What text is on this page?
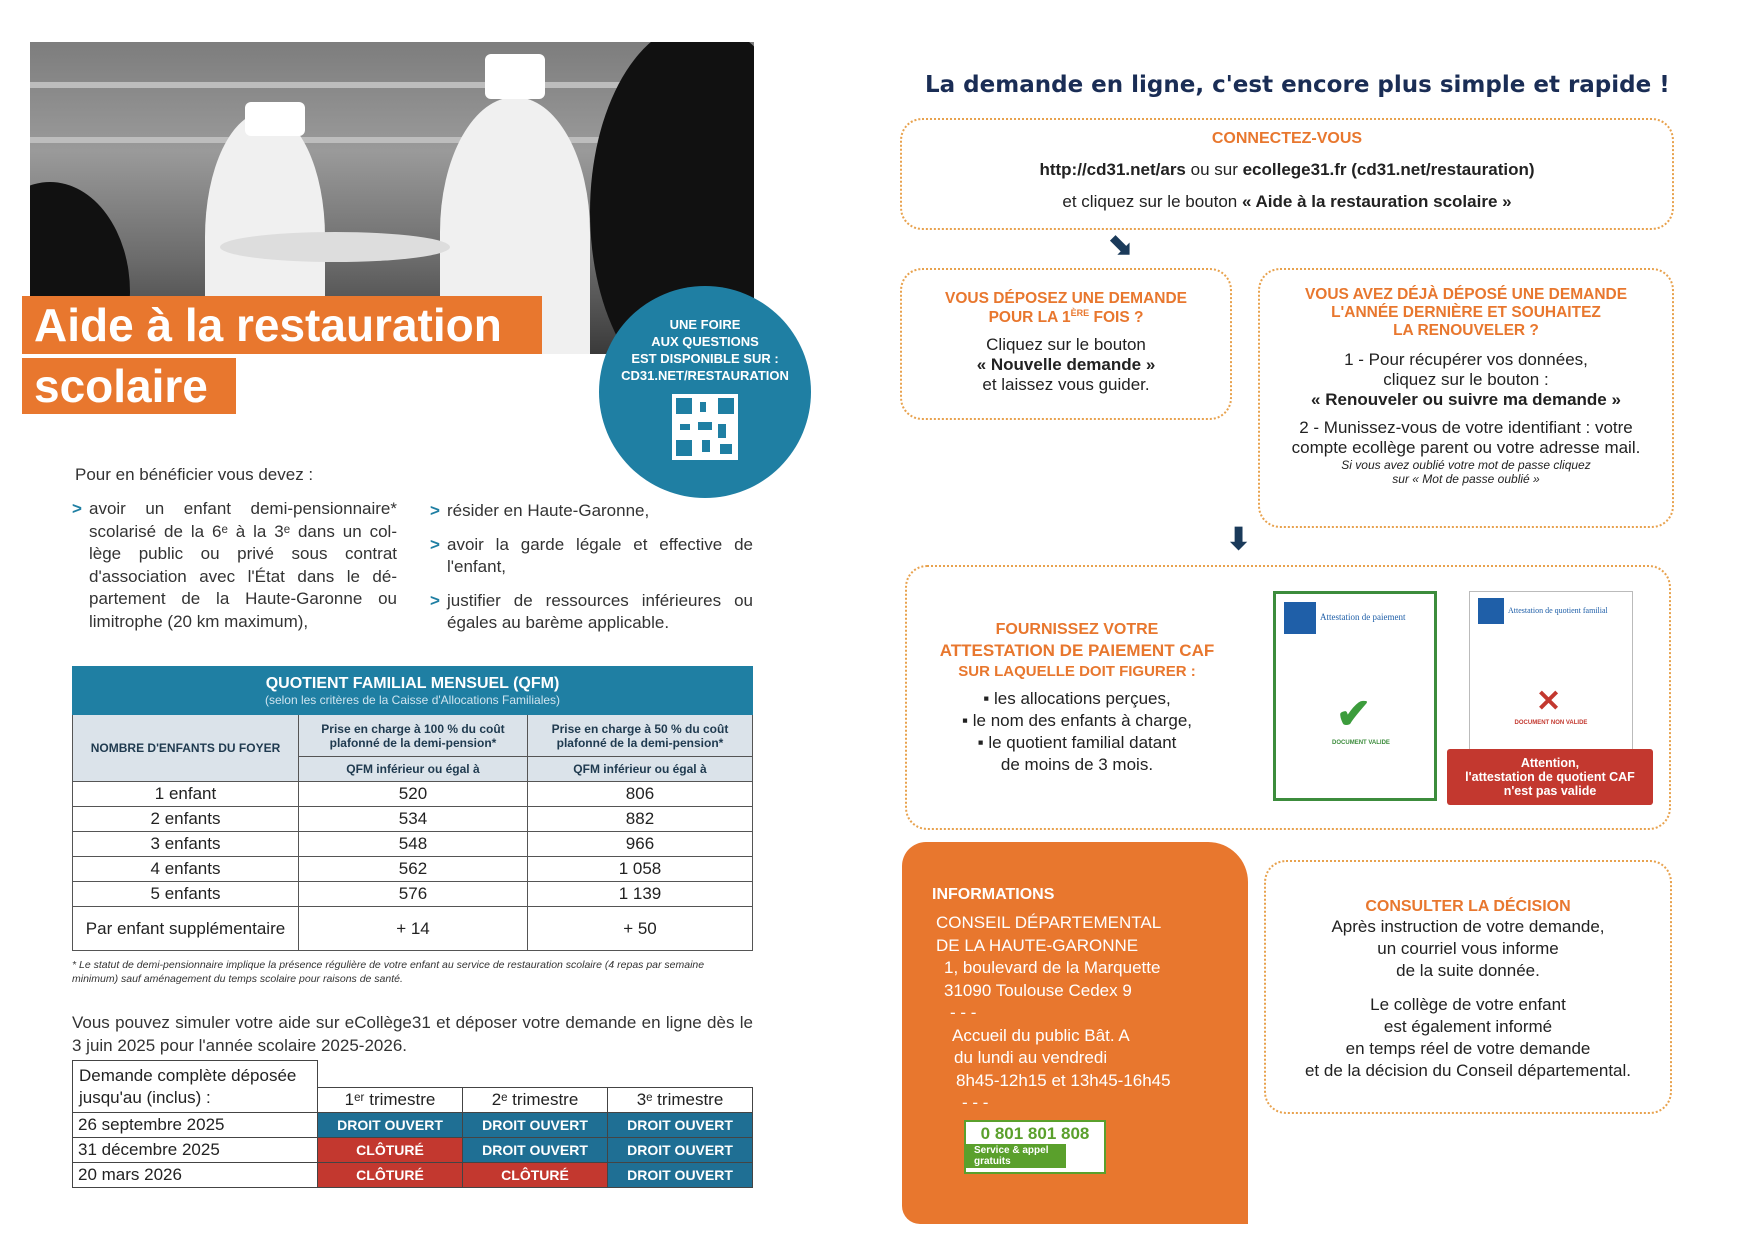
Aide à la restauration
scolaire
UNE FOIRE
AUX QUESTIONS
EST DISPONIBLE SUR :
CD31.NET/RESTAURATION
Pour en bénéficier vous devez :
> avoir un enfant demi-pensionnaire* scolarisé de la 6ᵉ à la 3ᵉ dans un col-lège public ou privé sous contrat d'association avec l'État dans le dé-partement de la Haute-Garonne ou limitrophe (20 km maximum),
> résider en Haute-Garonne,
> avoir la garde légale et effective de l'enfant,
> justifier de ressources inférieures ou égales au barème applicable.
QUOTIENT FAMILIAL MENSUEL (QFM)
(selon les critères de la Caisse d'Allocations Familiales)		

NOMBRE D'ENFANTS DU FOYER	Prise en charge à 100 % du coût plafonné de la demi-pension*	Prise en charge à 50 % du coût plafonné de la demi-pension*
	QFM inférieur ou égal à	QFM inférieur ou égal à
1 enfant	520	806
2 enfants	534	882
3 enfants	548	966
4 enfants	562	1 058
5 enfants	576	1 139
Par enfant supplémentaire	+ 14	+ 50
* Le statut de demi-pensionnaire implique la présence régulière de votre enfant au service de restauration scolaire (4 repas par semaine minimum) sauf aménagement du temps scolaire pour raisons de santé.
Vous pouvez simuler votre aide sur eCollège31 et déposer votre demande en ligne dès le 3 juin 2025 pour l'année scolaire 2025-2026.
Demande complète déposée jusqu'au (inclus) :			
	1ᵉʳ trimestre	2ᵉ trimestre	3ᵉ trimestre
26 septembre 2025	DROIT OUVERT	DROIT OUVERT	DROIT OUVERT
31 décembre 2025	CLÔTURÉ	DROIT OUVERT	DROIT OUVERT
20 mars 2026	CLÔTURÉ	CLÔTURÉ	DROIT OUVERT
La demande en ligne, c'est encore plus simple et rapide !
CONNECTEZ-VOUS
http://cd31.net/ars ou sur ecollege31.fr (cd31.net/restauration)
et cliquez sur le bouton « Aide à la restauration scolaire »
⬊
VOUS DÉPOSEZ UNE DEMANDE
POUR LA 1ÈRE FOIS ?
Cliquez sur le bouton
« Nouvelle demande »
et laissez vous guider.
VOUS AVEZ DÉJÀ DÉPOSÉ UNE DEMANDE
L'ANNÉE DERNIÈRE ET SOUHAITEZ
LA RENOUVELER ?
1 - Pour récupérer vos données,
cliquez sur le bouton :
« Renouveler ou suivre ma demande »
2 - Munissez-vous de votre identifiant : votre
compte ecollège parent ou votre adresse mail.
Si vous avez oublié votre mot de passe cliquez
sur « Mot de passe oublié »
⬇
FOURNISSEZ VOTRE
ATTESTATION DE PAIEMENT CAF
SUR LAQUELLE DOIT FIGURER :
▪ les allocations perçues,
▪ le nom des enfants à charge,
▪ le quotient familial datant de moins de 3 mois.
Attestation de paiement
✔
DOCUMENT VALIDE
Attestation de quotient familial
✕
DOCUMENT NON VALIDE
Attention,
l'attestation de quotient CAF
n'est pas valide
INFORMATIONS
CONSEIL DÉPARTEMENTAL
DE LA HAUTE-GARONNE
1, boulevard de la Marquette
31090 Toulouse Cedex 9
- - -
Accueil du public Bât. A
du lundi au vendredi
8h45-12h15 et 13h45-16h45
- - -
0 801 801 808
Service & appel gratuits
CONSULTER LA DÉCISION
Après instruction de votre demande,
un courriel vous informe
de la suite donnée.
Le collège de votre enfant
est également informé
en temps réel de votre demande
et de la décision du Conseil départemental.
